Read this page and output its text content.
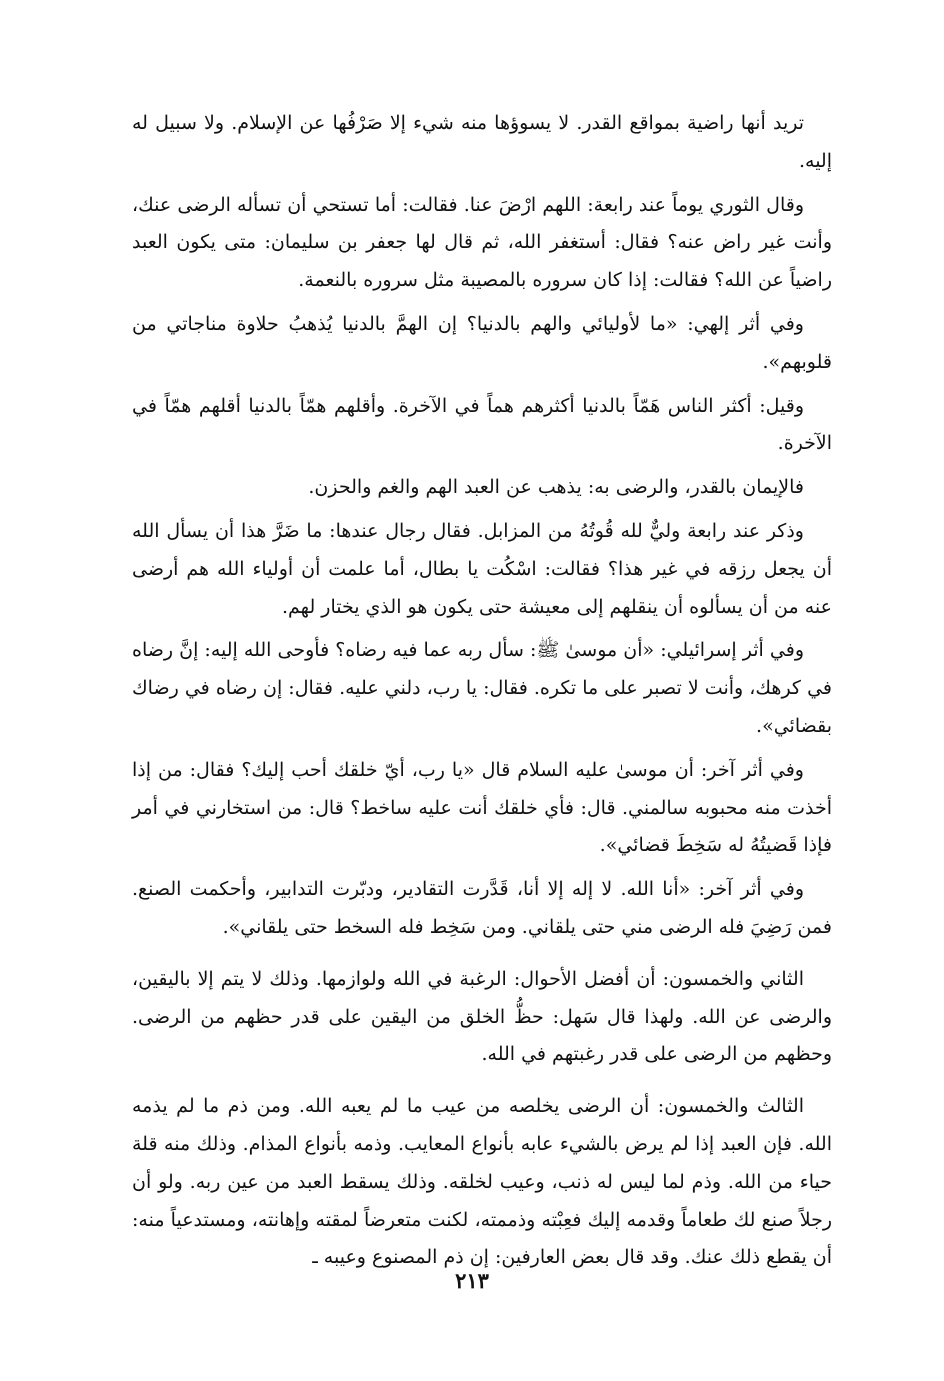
تريد أنها راضية بمواقع القدر. لا يسوؤها منه شيء إلا صَرْفُها عن الإسلام. ولا سبيل له إليه.

وقال الثوري يوماً عند رابعة: اللهم ارْضَ عنا. فقالت: أما تستحي أن تسأله الرضى عنك، وأنت غير راض عنه؟ فقال: أستغفر الله، ثم قال لها جعفر بن سليمان: متى يكون العبد راضياً عن الله؟ فقالت: إذا كان سروره بالمصيبة مثل سروره بالنعمة.

وفي أثر إلهي: «ما لأوليائي والهم بالدنيا؟ إن الهمَّ بالدنيا يُذهبُ حلاوة مناجاتي من قلوبهم».

وقيل: أكثر الناس هَمّاً بالدنيا أكثرهم هماً في الآخرة. وأقلهم همّاً بالدنيا أقلهم همّاً في الآخرة.

فالإيمان بالقدر، والرضى به: يذهب عن العبد الهم والغم والحزن.

وذكر عند رابعة وليٌّ لله قُوتُهُ من المزابل. فقال رجال عندها: ما ضَرَّ هذا أن يسأل الله أن يجعل رزقه في غير هذا؟ فقالت: اسْكُت يا بطال، أما علمت أن أولياء الله هم أرضى عنه من أن يسألوه أن ينقلهم إلى معيشة حتى يكون هو الذي يختار لهم.

وفي أثر إسرائيلي: «أن موسىٰ ﷺ: سأل ربه عما فيه رضاه؟ فأوحى الله إليه: إنَّ رضاه في كرهك، وأنت لا تصبر على ما تكره. فقال: يا رب، دلني عليه. فقال: إن رضاه في رضاك بقضائي».

وفي أثر آخر: أن موسىٰ عليه السلام قال «يا رب، أيّ خلقك أحب إليك؟ فقال: من إذا أخذت منه محبوبه سالمني. قال: فأي خلقك أنت عليه ساخط؟ قال: من استخارني في أمر فإذا قَضيتُهُ له سَخِطَ قضائي».

وفي أثر آخر: «أنا الله. لا إله إلا أنا، قَدَّرت التقادير، ودبّرت التدابير، وأحكمت الصنع. فمن رَضِيَ فله الرضى مني حتى يلقاني. ومن سَخِط فله السخط حتى يلقاني».

الثاني والخمسون: أن أفضل الأحوال: الرغبة في الله ولوازمها. وذلك لا يتم إلا باليقين، والرضى عن الله. ولهذا قال سَهل: حظُّ الخلق من اليقين على قدر حظهم من الرضى. وحظهم من الرضى على قدر رغبتهم في الله.

الثالث والخمسون: أن الرضى يخلصه من عيب ما لم يعبه الله. ومن ذم ما لم يذمه الله. فإن العبد إذا لم يرض بالشيء عابه بأنواع المعايب. وذمه بأنواع المذام. وذلك منه قلة حياء من الله. وذم لما ليس له ذنب، وعيب لخلقه. وذلك يسقط العبد من عين ربه. ولو أن رجلاً صنع لك طعاماً وقدمه إليك فعِبْته وذممته، لكنت متعرضاً لمقته وإهانته، ومستدعياً منه: أن يقطع ذلك عنك. وقد قال بعض العارفين: إن ذم المصنوع وعيبه ـ

٢١٣
